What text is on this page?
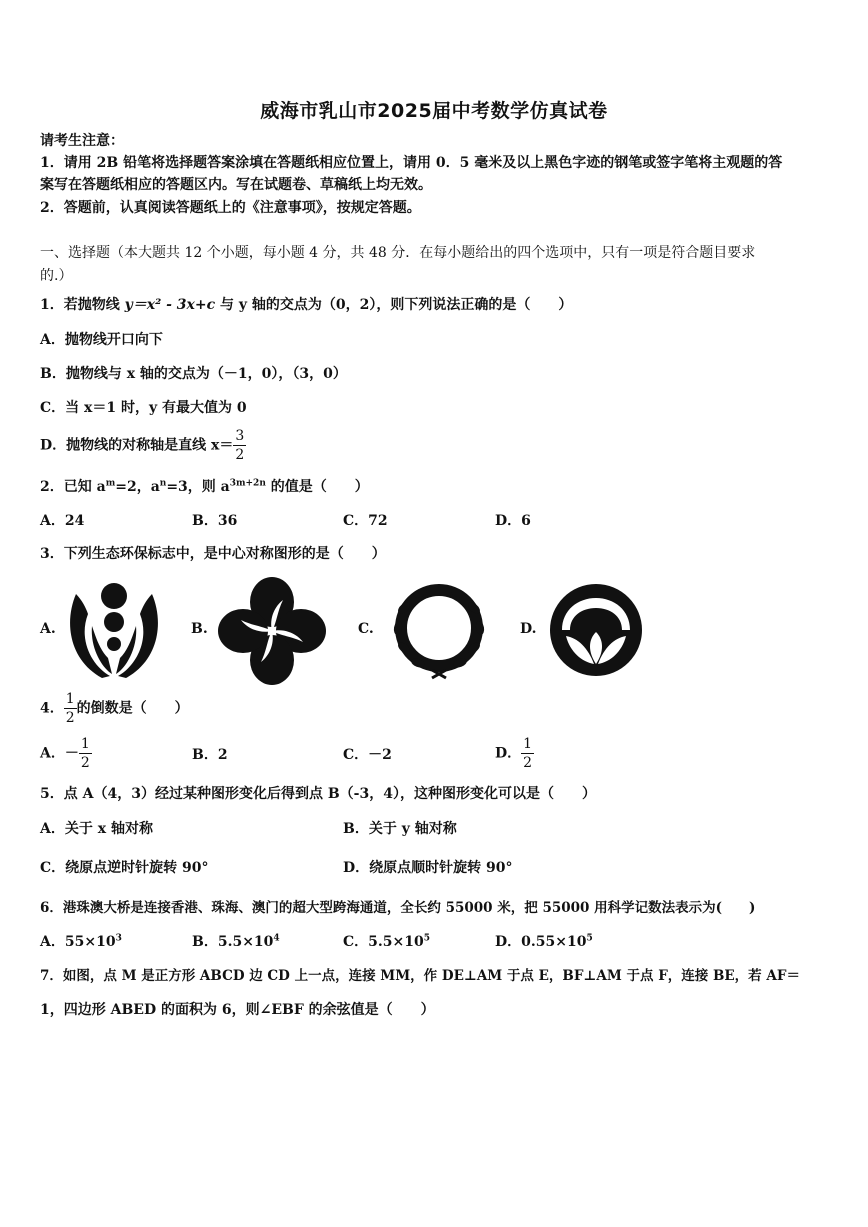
威海市乳山市2025届中考数学仿真试卷
请考生注意：
1．请用 2B 铅笔将选择题答案涂填在答题纸相应位置上，请用 0．5 毫米及以上黑色字迹的钢笔或签字笔将主观题的答
案写在答题纸相应的答题区内。写在试题卷、草稿纸上均无效。
2．答题前，认真阅读答题纸上的《注意事项》，按规定答题。
一、选择题（本大题共 12 个小题，每小题 4 分，共 48 分．在每小题给出的四个选项中，只有一项是符合题目要求
的.）
1．若抛物线 y＝x² - 3x+c 与 y 轴的交点为（0，2），则下列说法正确的是（　　）
A．抛物线开口向下
B．抛物线与 x 轴的交点为（－1，0），（3，0）
C．当 x＝1 时，y 有最大值为 0
D．抛物线的对称轴是直线 $x= \frac{3}{2}$
2．已知 $a^m=2$，$a^n=3$，则 $a^{3m+2n}$ 的值是（　　）
A．24	B．36	C．72	D．6
3．下列生态环保标志中，是中心对称图形的是（　　）
A.	B.	C.	D.
4． $\frac{1}{2}$ 的倒数是（　　）
A．－ $\frac{1}{2}$	B．2	C．－2	D． $\frac{1}{2}$
5．点 A（4，3）经过某种图形变化后得到点 B（-3，4），这种图形变化可以是（　　）
A．关于 x 轴对称	B．关于 y 轴对称
C．绕原点逆时针旋转 90°	D．绕原点顺时针旋转 90°
6．港珠澳大桥是连接香港、珠海、澳门的超大型跨海通道，全长约 55000 米，把 55000 用科学记数法表示为(　　)
A．$55\times 10^3$	B．$5.5\times 10^4$	C．$5.5\times 10^5$	D．$0.55\times 10^5$
7．如图，点 M 是正方形 ABCD 边 CD 上一点，连接 MM，作 DE⊥AM 于点 E，BF⊥AM 于点 F，连接 BE，若 AF＝
1，四边形 ABED 的面积为 6，则∠EBF 的余弦值是（　　）
